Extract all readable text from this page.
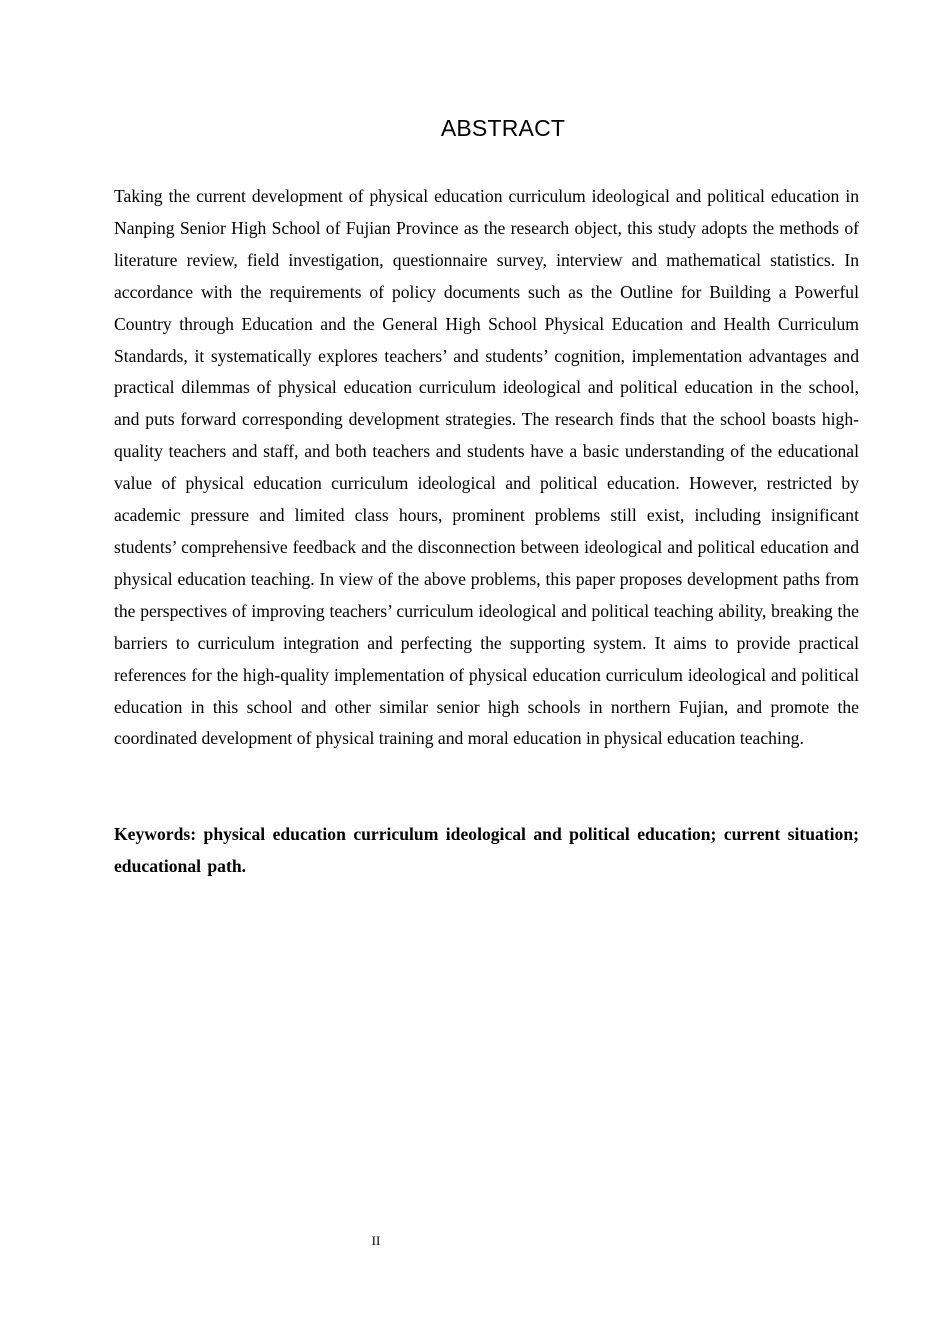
ABSTRACT

Taking the current development of physical education curriculum ideological and political education in Nanping Senior High School of Fujian Province as the research object, this study adopts the methods of literature review, field investigation, questionnaire survey, interview and mathematical statistics. In accordance with the requirements of policy documents such as the Outline for Building a Powerful Country through Education and the General High School Physical Education and Health Curriculum Standards, it systematically explores teachers’ and students’ cognition, implementation advantages and practical dilemmas of physical education curriculum ideological and political education in the school, and puts forward corresponding development strategies. The research finds that the school boasts high-quality teachers and staff, and both teachers and students have a basic understanding of the educational value of physical education curriculum ideological and political education. However, restricted by academic pressure and limited class hours, prominent problems still exist, including insignificant students’ comprehensive feedback and the disconnection between ideological and political education and physical education teaching. In view of the above problems, this paper proposes development paths from the perspectives of improving teachers’ curriculum ideological and political teaching ability, breaking the barriers to curriculum integration and perfecting the supporting system. It aims to provide practical references for the high-quality implementation of physical education curriculum ideological and political education in this school and other similar senior high schools in northern Fujian, and promote the coordinated development of physical training and moral education in physical education teaching.

Keywords: physical education curriculum ideological and political education; current situation; educational path.

II
